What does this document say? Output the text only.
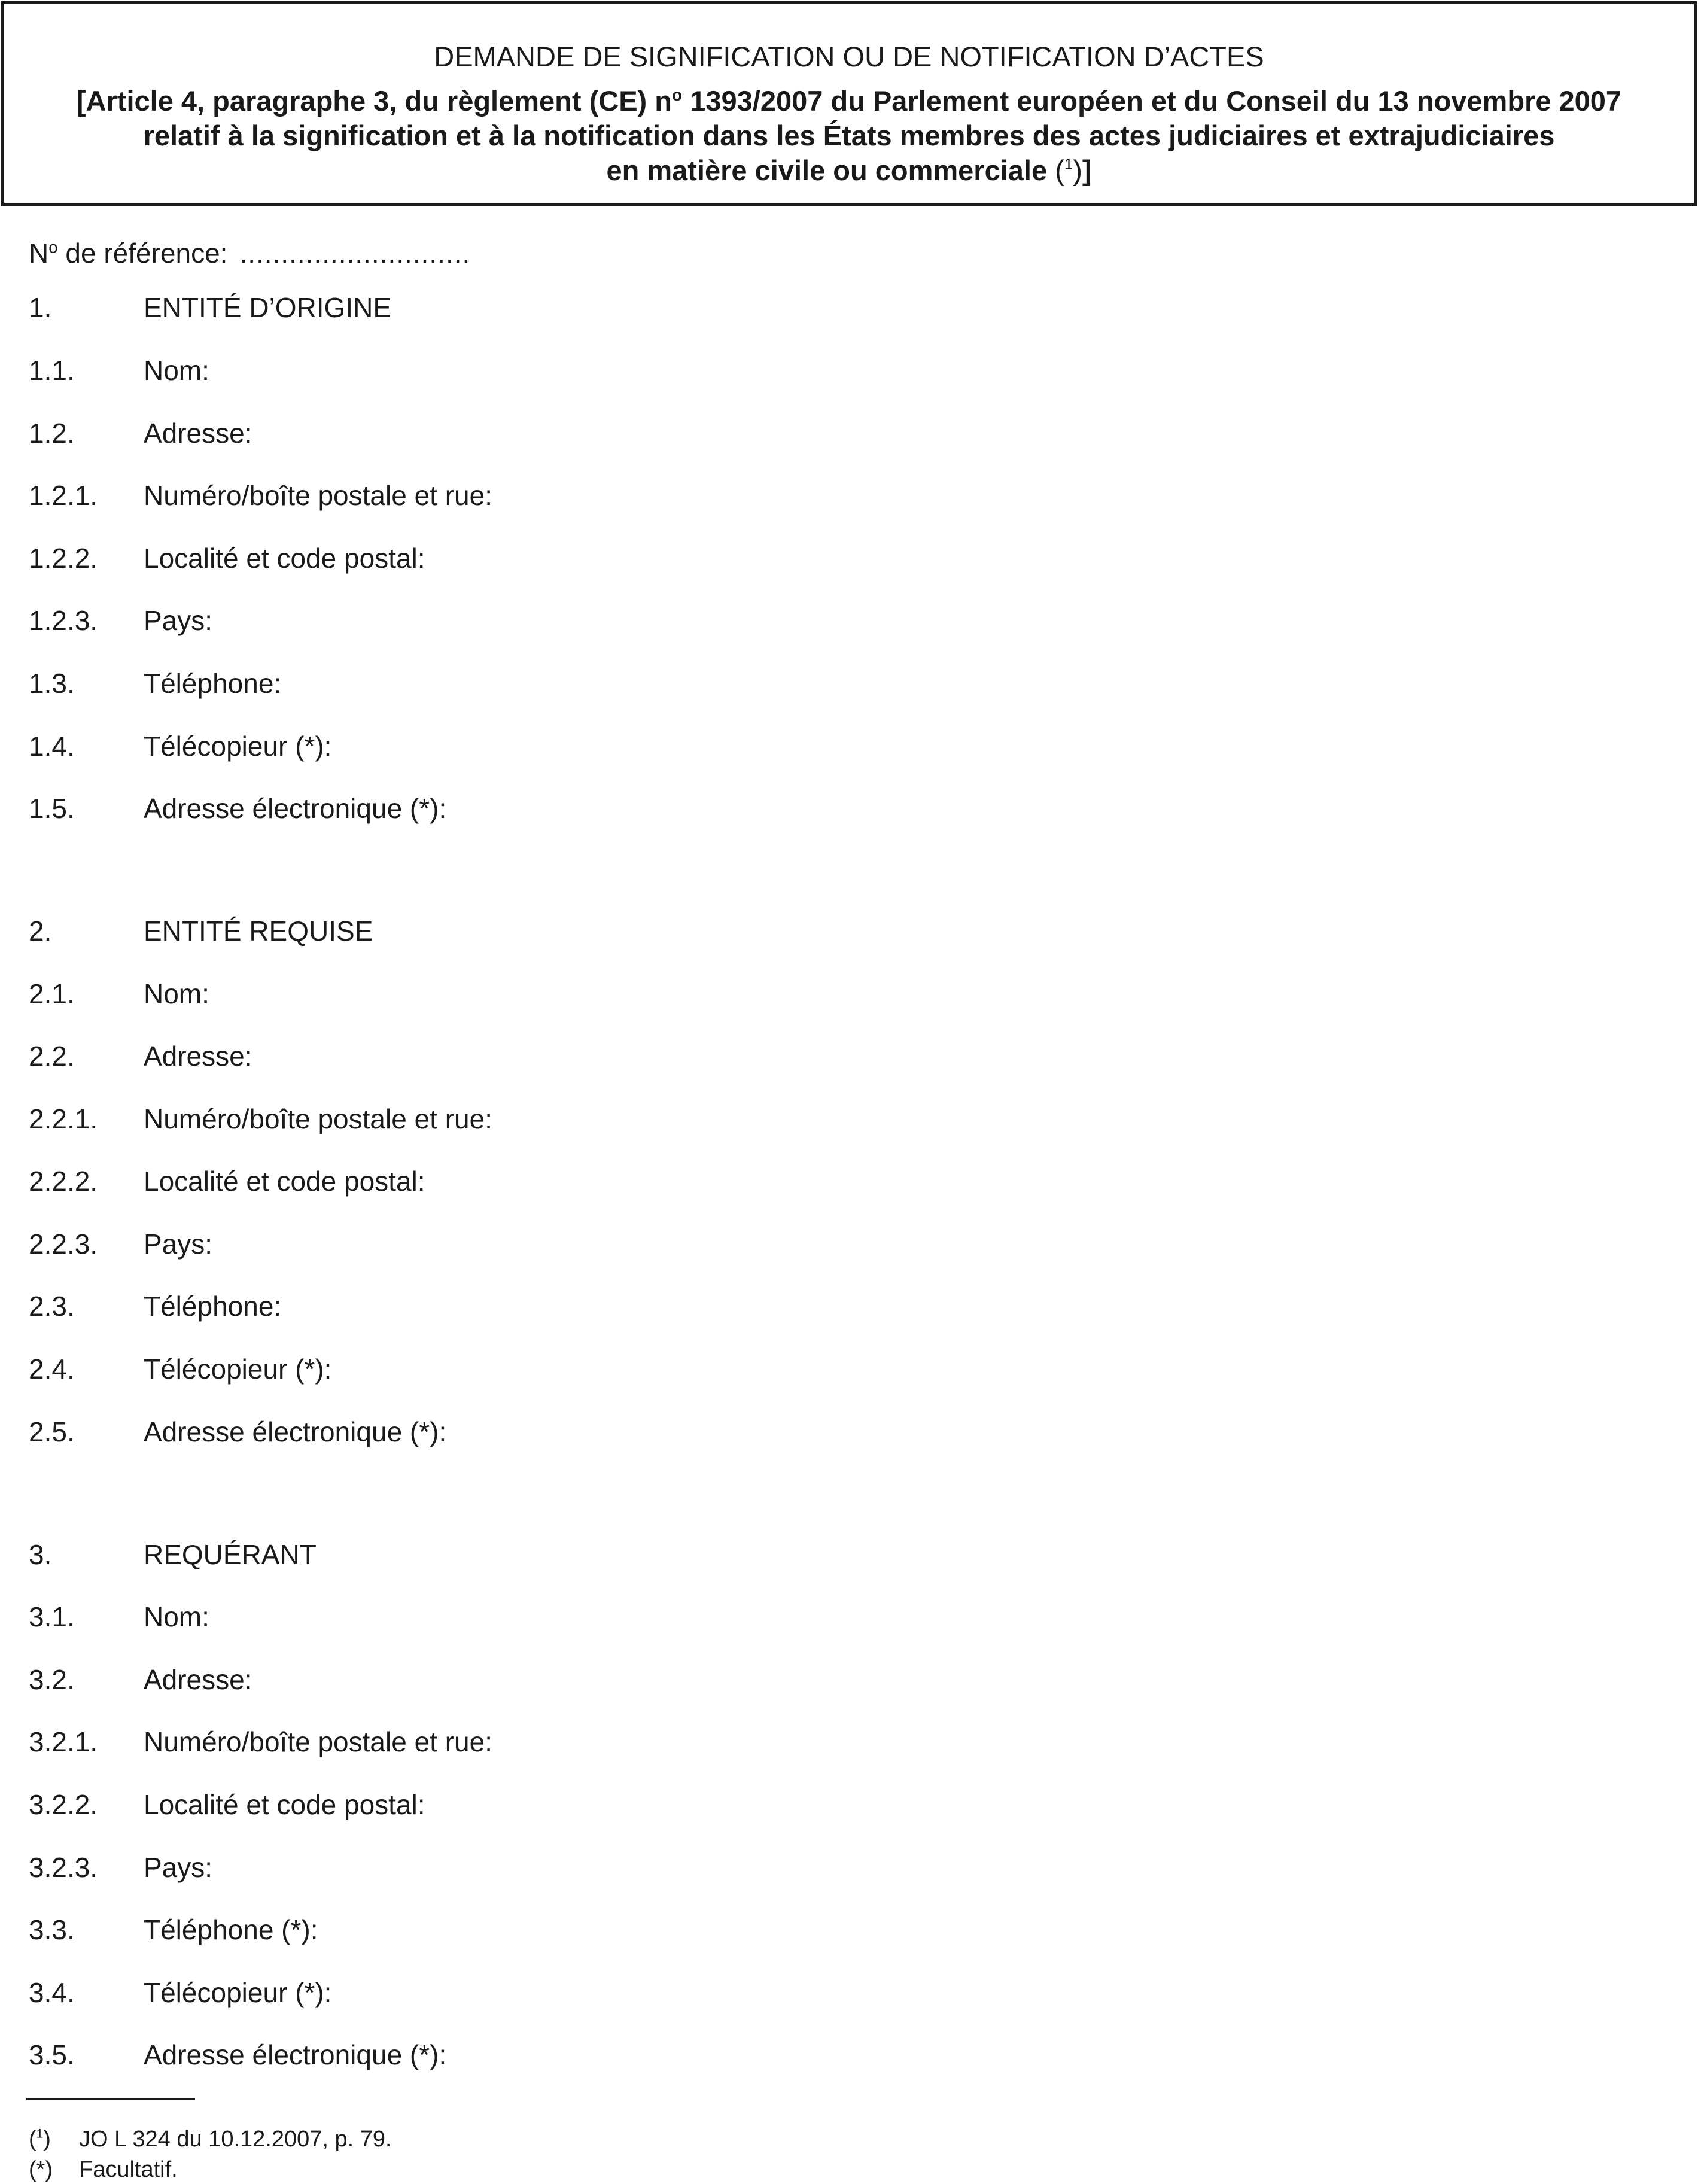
DEMANDE DE SIGNIFICATION OU DE NOTIFICATION D’ACTES
[Article 4, paragraphe 3, du règlement (CE) $n^o$ 1393/2007 du Parlement européen et du Conseil du 13 novembre 2007
relatif à la signification et à la notification dans les États membres des actes judiciaires et extrajudiciaires
en matière civile ou commerciale ($^1$)]
$N^o$ de référence: ............................
1.	ENTITÉ D’ORIGINE
1.1.	Nom:
1.2.	Adresse:
1.2.1. Numéro/boîte postale et rue:
1.2.2. Localité et code postal:
1.2.3. Pays:
1.3.	Téléphone:
1.4.	Télécopieur (*):
1.5.	Adresse électronique (*):
2.	ENTITÉ REQUISE
2.1.	Nom:
2.2.	Adresse:
2.2.1. Numéro/boîte postale et rue:
2.2.2. Localité et code postal:
2.2.3. Pays:
2.3.	Téléphone:
2.4.	Télécopieur (*):
2.5.	Adresse électronique (*):
3.	REQUÉRANT
3.1.	Nom:
3.2.	Adresse:
3.2.1. Numéro/boîte postale et rue:
3.2.2. Localité et code postal:
3.2.3. Pays:
3.3.	Téléphone (*):
3.4.	Télécopieur (*):
3.5.	Adresse électronique (*):
($^1$) JO L 324 du 10.12.2007, p. 79.
(*) Facultatif.
